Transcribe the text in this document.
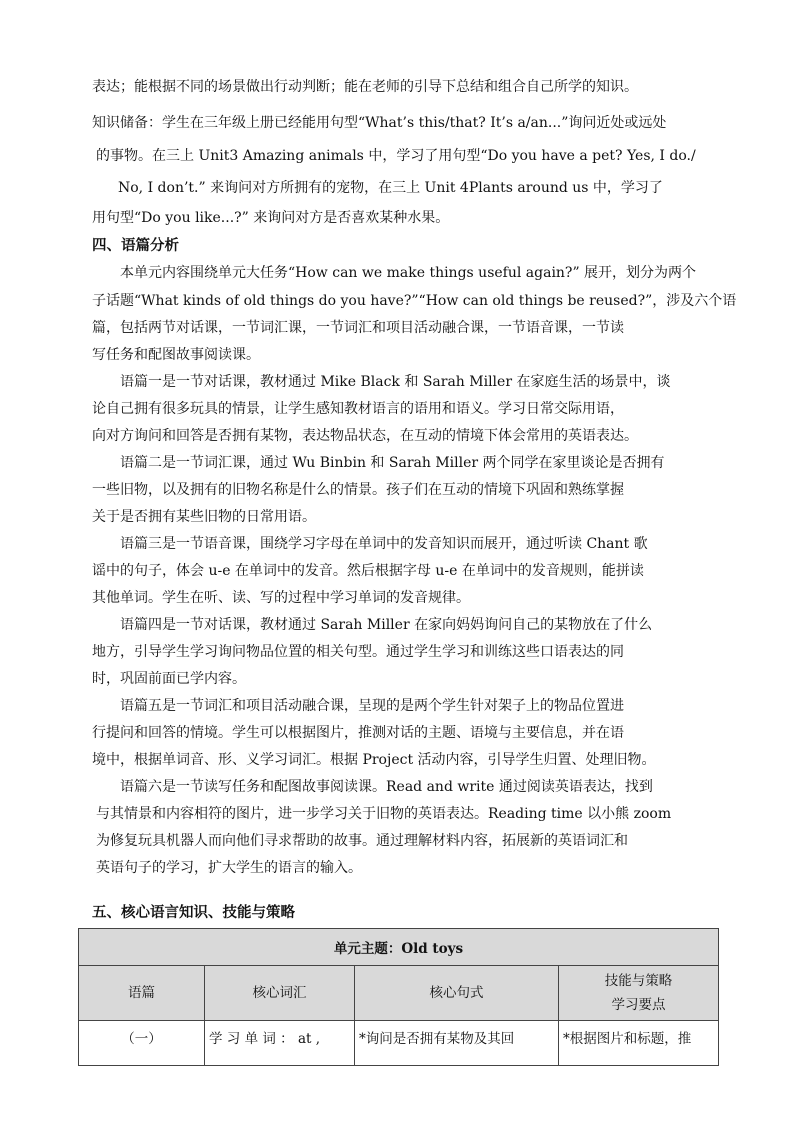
表达；能根据不同的场景做出行动判断；能在老师的引导下总结和组合自己所学的知识。
知识储备：学生在三年级上册已经能用句型“What’s this/that? It’s a/an...”询问近处或远处
的事物。在三上 Unit3 Amazing animals 中，学习了用句型“Do you have a pet? Yes, I do./
No, I don’t.” 来询问对方所拥有的宠物，在三上 Unit 4Plants around us 中，学习了
用句型“Do you like...?” 来询问对方是否喜欢某种水果。
四、语篇分析
本单元内容围绕单元大任务“How can we make things useful again?” 展开，划分为两个
子话题“What kinds of old things do you have?”“How can old things be reused?”，涉及六个语
篇，包括两节对话课，一节词汇课，一节词汇和项目活动融合课，一节语音课，一节读
写任务和配图故事阅读课。
语篇一是一节对话课，教材通过 Mike Black 和 Sarah Miller 在家庭生活的场景中，谈
论自己拥有很多玩具的情景，让学生感知教材语言的语用和语义。学习日常交际用语，
向对方询问和回答是否拥有某物，表达物品状态，在互动的情境下体会常用的英语表达。
语篇二是一节词汇课，通过 Wu Binbin 和 Sarah Miller 两个同学在家里谈论是否拥有
一些旧物，以及拥有的旧物名称是什么的情景。孩子们在互动的情境下巩固和熟练掌握
关于是否拥有某些旧物的日常用语。
语篇三是一节语音课，围绕学习字母在单词中的发音知识而展开，通过听读 Chant 歌
谣中的句子，体会 u-e 在单词中的发音。然后根据字母 u-e 在单词中的发音规则，能拼读
其他单词。学生在听、读、写的过程中学习单词的发音规律。
语篇四是一节对话课，教材通过 Sarah Miller 在家向妈妈询问自己的某物放在了什么
地方，引导学生学习询问物品位置的相关句型。通过学生学习和训练这些口语表达的同
时，巩固前面已学内容。
语篇五是一节词汇和项目活动融合课，呈现的是两个学生针对架子上的物品位置进
行提问和回答的情境。学生可以根据图片，推测对话的主题、语境与主要信息，并在语
境中，根据单词音、形、义学习词汇。根据 Project 活动内容，引导学生归置、处理旧物。
语篇六是一节读写任务和配图故事阅读课。Read and write 通过阅读英语表达，找到
与其情景和内容相符的图片，进一步学习关于旧物的英语表达。Reading time 以小熊 zoom
为修复玩具机器人而向他们寻求帮助的故事。通过理解材料内容，拓展新的英语词汇和
英语句子的学习，扩大学生的语言的输入。
五、核心语言知识、技能与策略
单元主题：Old toys			
语篇	核心词汇	核心句式	技能与策略
学习要点

（一）	学 习 单 词 ： at ,	*询问是否拥有某物及其回	*根据图片和标题，推
